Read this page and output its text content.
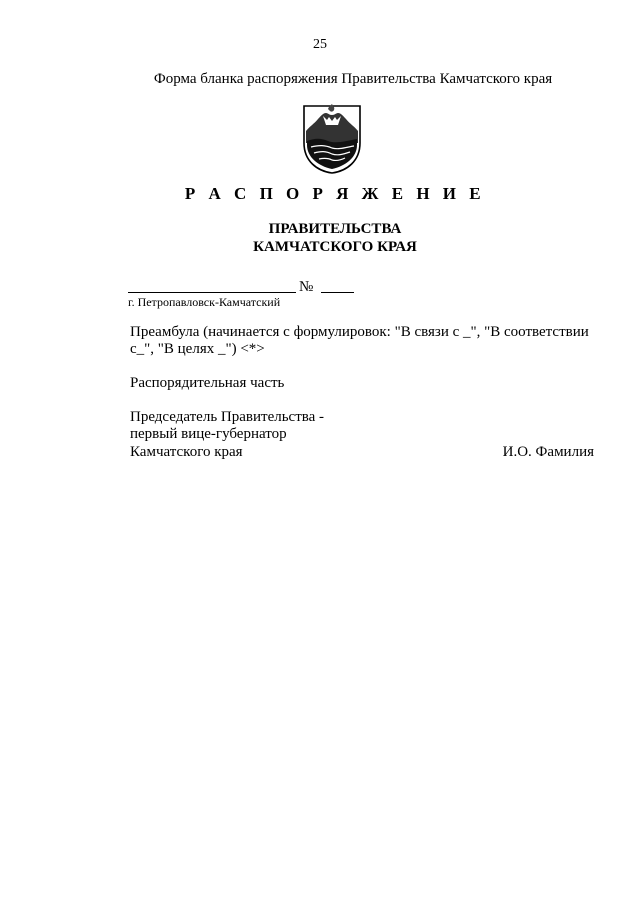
25
Форма бланка распоряжения Правительства Камчатского края
Р А С П О Р Я Ж Е Н И Е
ПРАВИТЕЛЬСТВА
КАМЧАТСКОГО КРАЯ
№
г. Петропавловск-Камчатский
Преамбула (начинается с формулировок: "В связи с _", "В соответствии
с_", "В целях _") <*>
Распорядительная часть
Председатель Правительства -
первый вице-губернатор
Камчатского края	И.О. Фамилия
